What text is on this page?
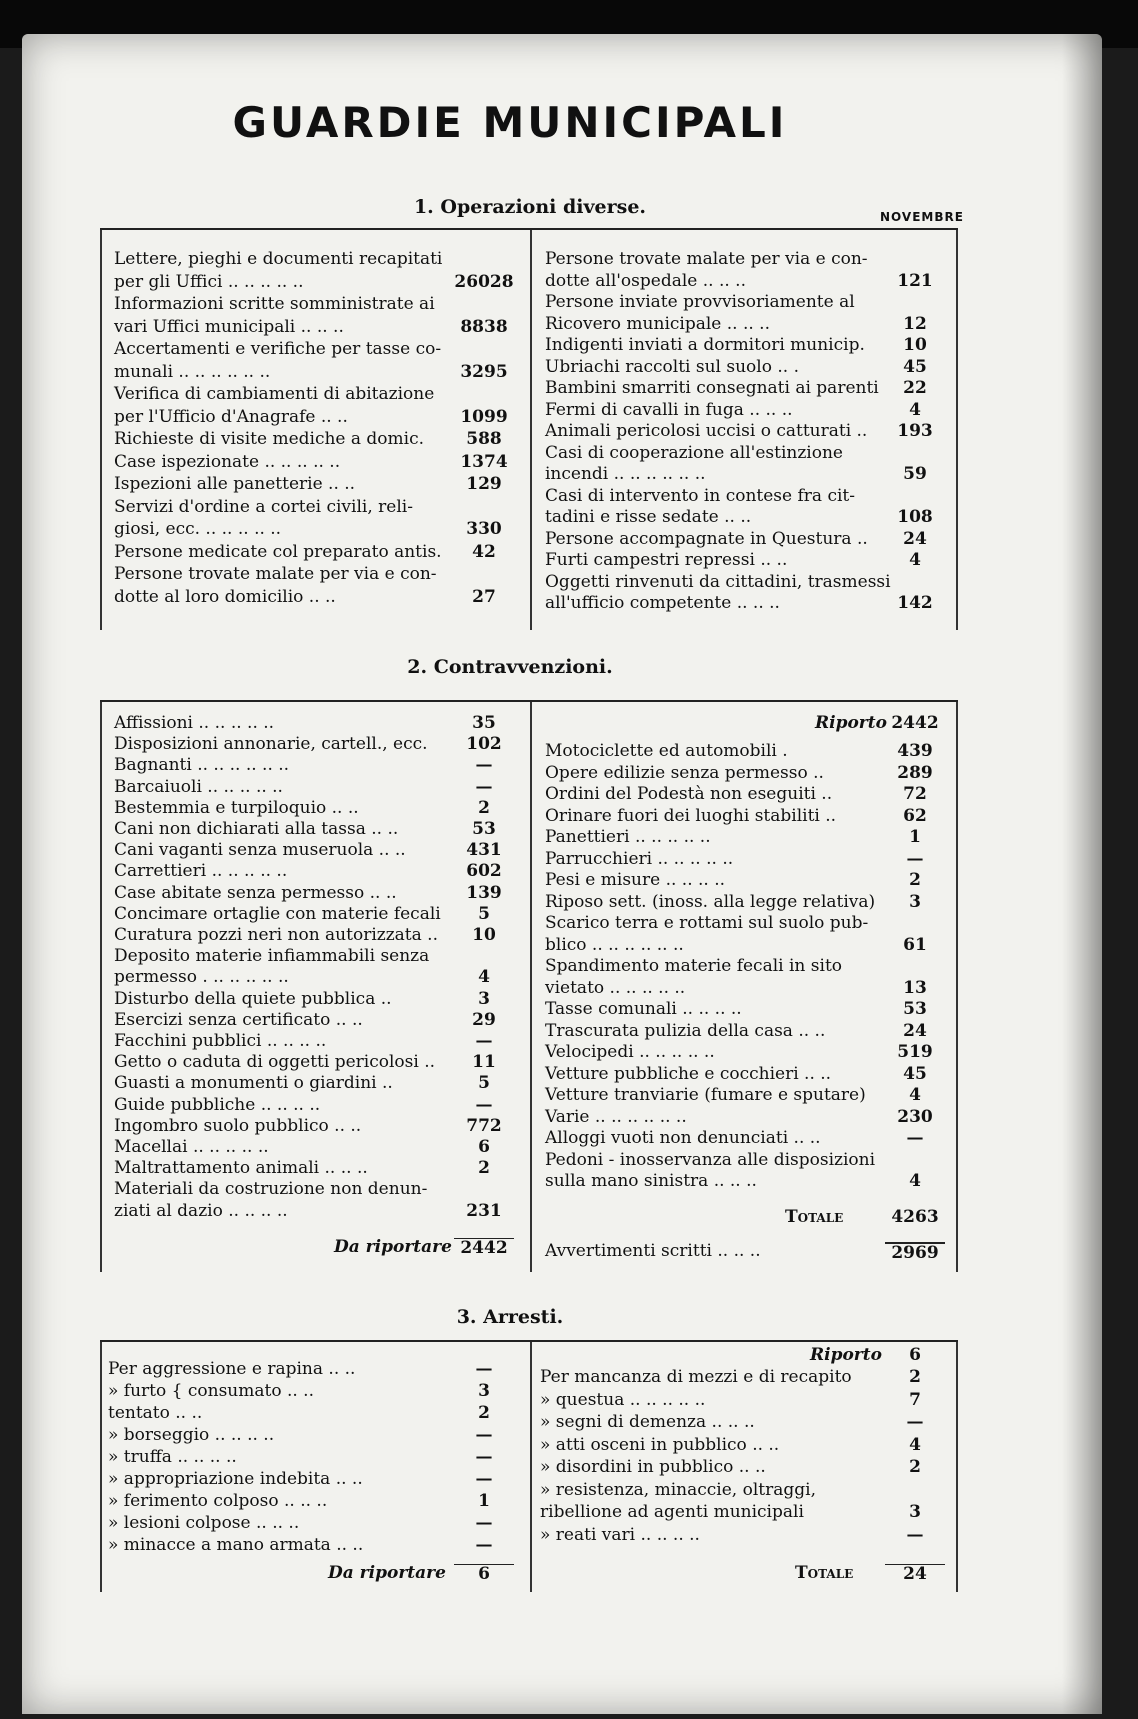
GUARDIE MUNICIPALI
1. Operazioni diverse.	NOVEMBRE
Lettere, pieghi e documenti recapitati
per gli Uffici .. .. .. .. ..	26028
Informazioni scritte somministrate ai
vari Uffici municipali .. .. ..	8838
Accertamenti e verifiche per tasse co-
munali .. .. .. .. .. ..	3295
Verifica di cambiamenti di abitazione
per l'Ufficio d'Anagrafe .. ..	1099
Richieste di visite mediche a domic.	588
Case ispezionate .. .. .. .. ..	1374
Ispezioni alle panetterie .. ..	129
Servizi d'ordine a cortei civili, reli-
giosi, ecc. .. .. .. .. ..	330
Persone medicate col preparato antis.	42
Persone trovate malate per via e con-
dotte al loro domicilio .. ..	27
Persone trovate malate per via e con-
dotte all'ospedale .. .. ..	121
Persone inviate provvisoriamente al
Ricovero municipale .. .. ..	12
Indigenti inviati a dormitori municip.	10
Ubriachi raccolti sul suolo .. .	45
Bambini smarriti consegnati ai parenti	22
Fermi di cavalli in fuga .. .. ..	4
Animali pericolosi uccisi o catturati ..	193
Casi di cooperazione all'estinzione
incendi .. .. .. .. .. ..	59
Casi di intervento in contese fra cit-
tadini e risse sedate .. ..	108
Persone accompagnate in Questura ..	24
Furti campestri repressi .. ..	4
Oggetti rinvenuti da cittadini, trasmessi
all'ufficio competente .. .. ..	142
2. Contravvenzioni.
Affissioni .. .. .. .. ..	35
Disposizioni annonarie, cartell., ecc.	102
Bagnanti .. .. .. .. .. ..	—
Barcaiuoli .. .. .. .. ..	—
Bestemmia e turpiloquio .. ..	2
Cani non dichiarati alla tassa .. ..	53
Cani vaganti senza museruola .. ..	431
Carrettieri .. .. .. .. ..	602
Case abitate senza permesso .. ..	139
Concimare ortaglie con materie fecali	5
Curatura pozzi neri non autorizzata ..	10
Deposito materie infiammabili senza
permesso . .. .. .. .. ..	4
Disturbo della quiete pubblica ..	3
Esercizi senza certificato .. ..	29
Facchini pubblici .. .. .. ..	—
Getto o caduta di oggetti pericolosi ..	11
Guasti a monumenti o giardini ..	5
Guide pubbliche .. .. .. ..	—
Ingombro suolo pubblico .. ..	772
Macellai .. .. .. .. ..	6
Maltrattamento animali .. .. ..	2
Materiali da costruzione non denun-
ziati al dazio .. .. .. ..	231
Da riportare 2442
Riporto 2442
Motociclette ed automobili .	439
Opere edilizie senza permesso ..	289
Ordini del Podestà non eseguiti ..	72
Orinare fuori dei luoghi stabiliti ..	62
Panettieri .. .. .. .. ..	1
Parrucchieri .. .. .. .. ..	—
Pesi e misure .. .. .. ..	2
Riposo sett. (inoss. alla legge relativa)	3
Scarico terra e rottami sul suolo pub-
blico .. .. .. .. .. ..	61
Spandimento materie fecali in sito
vietato .. .. .. .. ..	13
Tasse comunali .. .. .. ..	53
Trascurata pulizia della casa .. ..	24
Velocipedi .. .. .. .. ..	519
Vetture pubbliche e cocchieri .. ..	45
Vetture tranviarie (fumare e sputare)	4
Varie .. .. .. .. .. ..	230
Alloggi vuoti non denunciati .. ..	—
Pedoni - inosservanza alle disposizioni
sulla mano sinistra .. .. ..	4
Totale	4263
Avvertimenti scritti .. .. ..	2969
3. Arresti.
Per aggressione e rapina .. ..	—
» furto { consumato .. ..	3
tentato .. ..	2
» borseggio .. .. .. ..	—
» truffa .. .. .. ..	—
» appropriazione indebita .. ..	—
» ferimento colposo .. .. ..	1
» lesioni colpose .. .. ..	—
» minacce a mano armata .. ..	—
Da riportare	6
Riporto	6
Per mancanza di mezzi e di recapito	2
» questua .. .. .. .. ..	7
» segni di demenza .. .. ..	—
» atti osceni in pubblico .. ..	4
» disordini in pubblico .. ..	2
» resistenza, minaccie, oltraggi,
ribellione ad agenti municipali	3
» reati vari .. .. .. ..	—
Totale	24
